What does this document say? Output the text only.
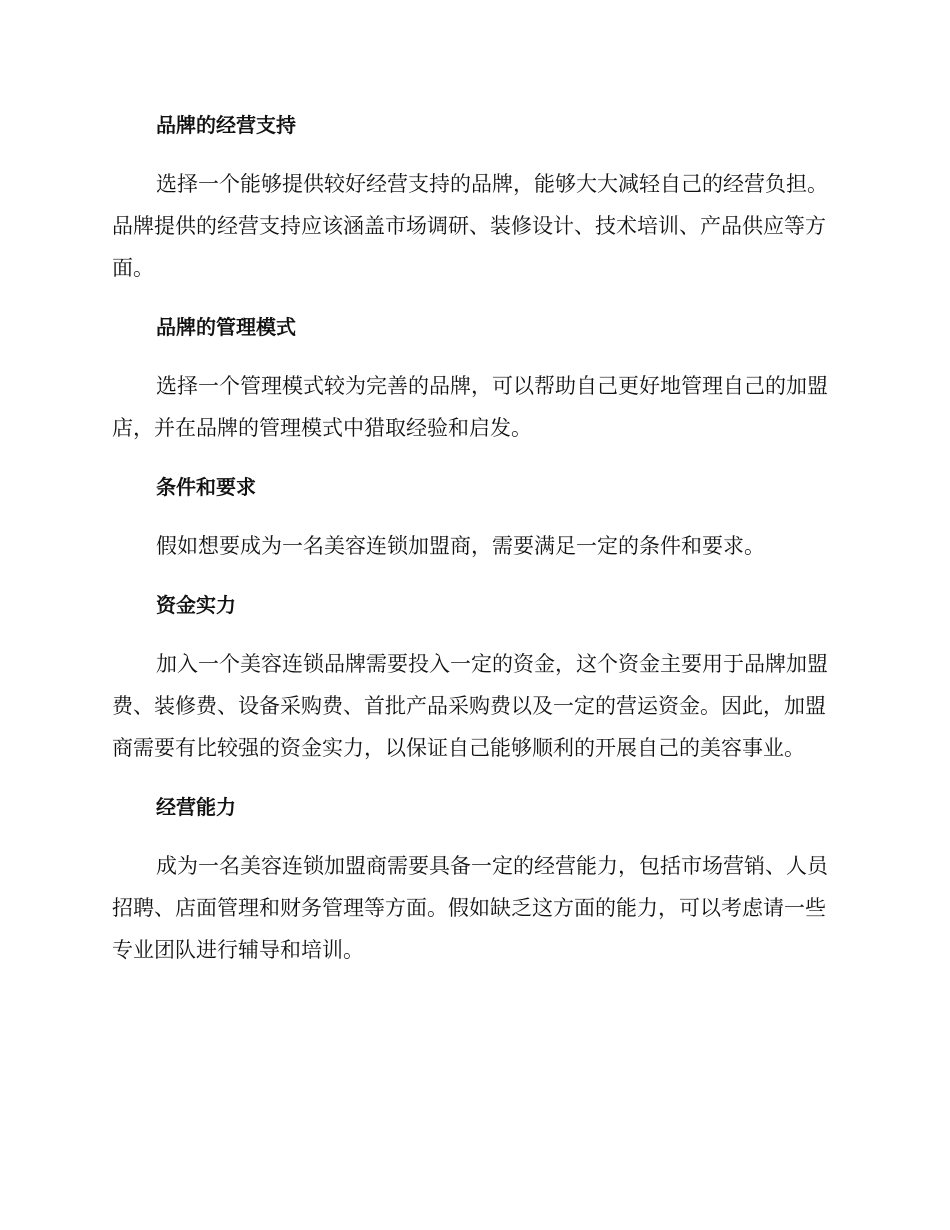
品牌的经营支持

选择一个能够提供较好经营支持的品牌，能够大大减轻自己的经营负担。品牌提供的经营支持应该涵盖市场调研、装修设计、技术培训、产品供应等方面。

品牌的管理模式

选择一个管理模式较为完善的品牌，可以帮助自己更好地管理自己的加盟店，并在品牌的管理模式中猎取经验和启发。

条件和要求

假如想要成为一名美容连锁加盟商，需要满足一定的条件和要求。

资金实力

加入一个美容连锁品牌需要投入一定的资金，这个资金主要用于品牌加盟费、装修费、设备采购费、首批产品采购费以及一定的营运资金。因此，加盟商需要有比较强的资金实力，以保证自己能够顺利的开展自己的美容事业。

经营能力

成为一名美容连锁加盟商需要具备一定的经营能力，包括市场营销、人员招聘、店面管理和财务管理等方面。假如缺乏这方面的能力，可以考虑请一些专业团队进行辅导和培训。
